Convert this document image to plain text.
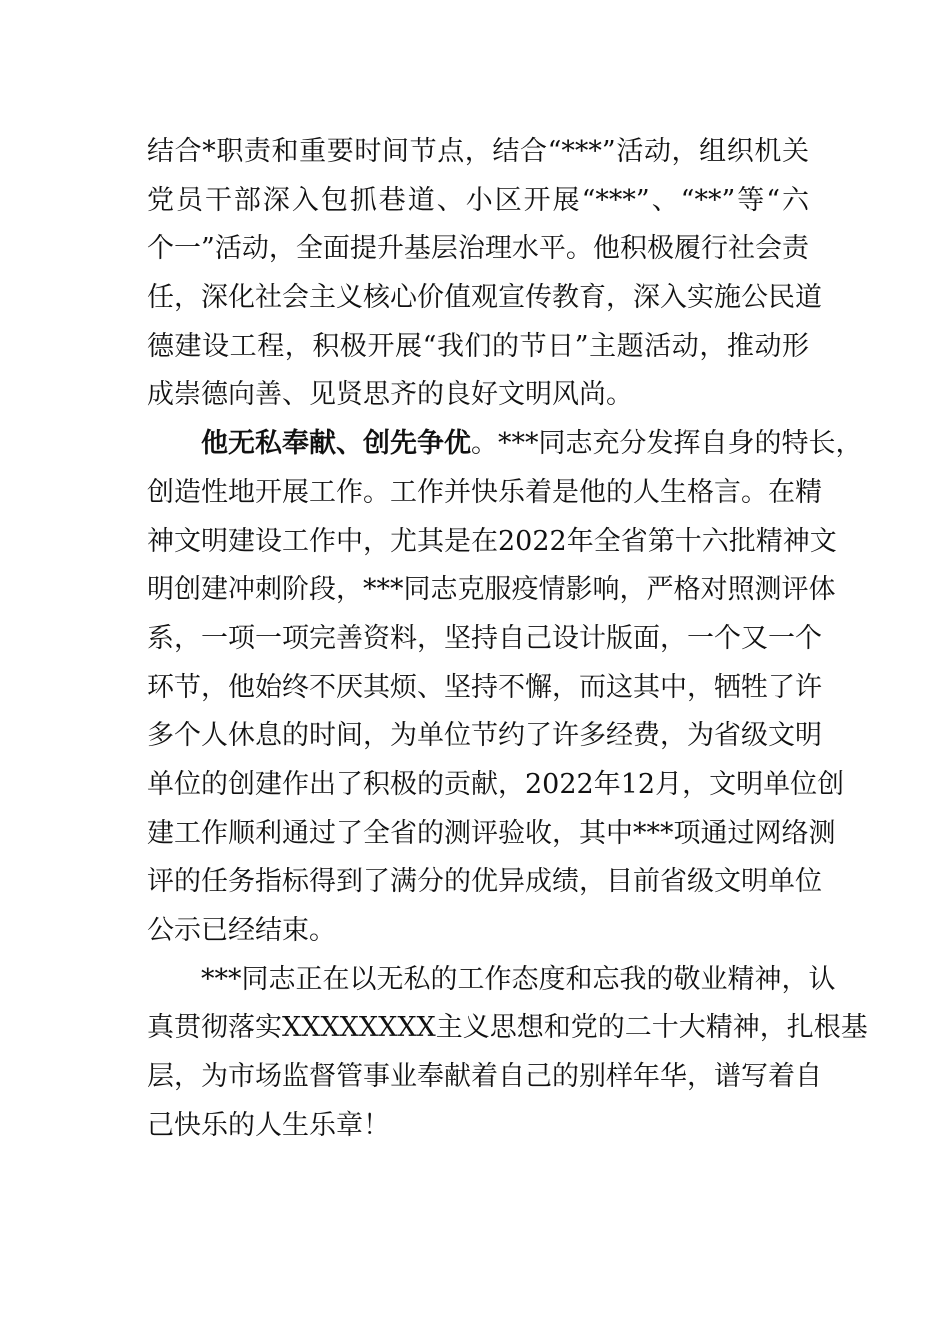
结合*职责和重要时间节点，结合“***”活动，组织机关
党员干部深入包抓巷道、小区开展“***”、“**”等“六
个一”活动，全面提升基层治理水平。他积极履行社会责
任，深化社会主义核心价值观宣传教育，深入实施公民道
德建设工程，积极开展“我们的节日”主题活动，推动形
成崇德向善、见贤思齐的良好文明风尚。
他无私奉献、创先争优。***同志充分发挥自身的特长，
创造性地开展工作。工作并快乐着是他的人生格言。在精
神文明建设工作中，尤其是在2022年全省第十六批精神文
明创建冲刺阶段，***同志克服疫情影响，严格对照测评体
系，一项一项完善资料，坚持自己设计版面，一个又一个
环节，他始终不厌其烦、坚持不懈，而这其中，牺牲了许
多个人休息的时间，为单位节约了许多经费，为省级文明
单位的创建作出了积极的贡献，2022年12月，文明单位创
建工作顺利通过了全省的测评验收，其中***项通过网络测
评的任务指标得到了满分的优异成绩，目前省级文明单位
公示已经结束。
***同志正在以无私的工作态度和忘我的敬业精神，认
真贯彻落实XXXXXXXX主义思想和党的二十大精神，扎根基
层，为市场监督管事业奉献着自己的别样年华，谱写着自
己快乐的人生乐章！
